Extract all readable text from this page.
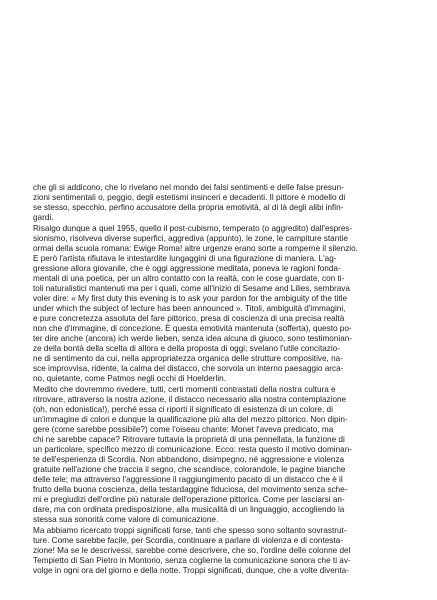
che gli si addicono, che lo rivelano nel mondo dei falsi sentimenti e delle false presun-
zioni sentimentali o, peggio, degli estetismi insinceri e decadenti. Il pittore è modello di
se stesso, specchio, perfino accusatore della propria emotività, al di là degli alibi infin-
gardi.
Risalgo dunque a quel 1955, quello il post-cubismo, temperato (o aggredito) dall'espres-
sionismo, risolveva diverse superfici, aggrediva (appunto), le zone, le campiture stantie
ormai della scuola romana: Ewige Roma! altre urgenze erano sorte a romperne il silenzio.
E però l'artista rifiutava le intestardite lungaggini di una figurazione di maniera. L'ag-
gressione allora giovanile, che è oggi aggressione meditata, poneva le ragioni fonda-
mentali di una poetica, per un altro contatto con la realtà, con le cose guardate, con ti-
toli naturalistici mantenuti ma per i quali, come all'inizio di Sesame and Lilies, sembrava
voler dire: « My first duty this evening is to ask your pardon for the ambiguity of the title
under which the subject of lecture has been announced ». Titoli, ambiguità d'immagini,
e pure concretezza assoluta del fare pittorico, presa di coscienza di una precisa realtà
non che d'immagine, di concezione. È questa emotività mantenuta (sofferta), questo po-
ter dire anche (ancora) ich werde lieben, senza idea alcuna di giuoco, sono testimonian-
ze della bontà della scelta di allora e della proposta di oggi; svelano l'utile concitazio-
ne di sentimento da cui, nella appropriatezza organica delle strutture compositive, na-
sce improvvisa, ridente, la calma del distacco, che sorvola un interno paesaggio arca-
no, quietante, come Patmos negli occhi di Hoelderlin.
Medito che dovremmo rivedere, tutti, certi momenti contrastati della nostra cultura e
ritrovare, attraverso la nostra azione, il distacco necessario alla nostra contemplazione
(oh, non edonistica!), perché essa ci riporti il significato di esistenza di un colore, di
un'immagine di colori e dunque la qualificazione più alta del mezzo pittorico. Non dipin-
gere (come sarebbe possibile?) come l'oiseau chante: Monet l'aveva predicato, ma
chi ne sarebbe capace? Ritrovare tuttavia la proprietà di una pennellata, la funzione di
un particolare, specifico mezzo di comunicazione. Ecco: resta questo il motivo dominan-
te dell'esperienza di Scordia. Non abbandono, disimpegno, né aggressione e violenza
gratuite nell'azione che traccia il segno, che scandisce, colorandole, le pagine bianche
delle tele; ma attraverso l'aggressione il raggiungimento pacato di un distacco che è il
frutto della buona coscienza, della testardaggine fiduciosa, del movimento senza sche-
mi e pregiudizi dell'ordine più naturale dell'operazione pittorica. Come per lasciarsi an-
dare, ma con ordinata predisposizione, alla musicalità di un linguaggio, accogliendo la
stessa sua sonorità come valore di comunicazione.
Ma abbiamo ricercato troppi significati forse, tanti che spesso sono soltanto sovrastrut-
ture. Come sarebbe facile, per Scordia, continuare a parlare di violenza e di contesta-
zione! Ma se le descrivessi, sarebbe come descrivere, che so, l'ordine delle colonne del
Tempietto di San Pietro in Montorio, senza coglierne la comunicazione sonora che ti av-
volge in ogni ora del giorno e della notte. Troppi significati, dunque, che a volte diventa-
